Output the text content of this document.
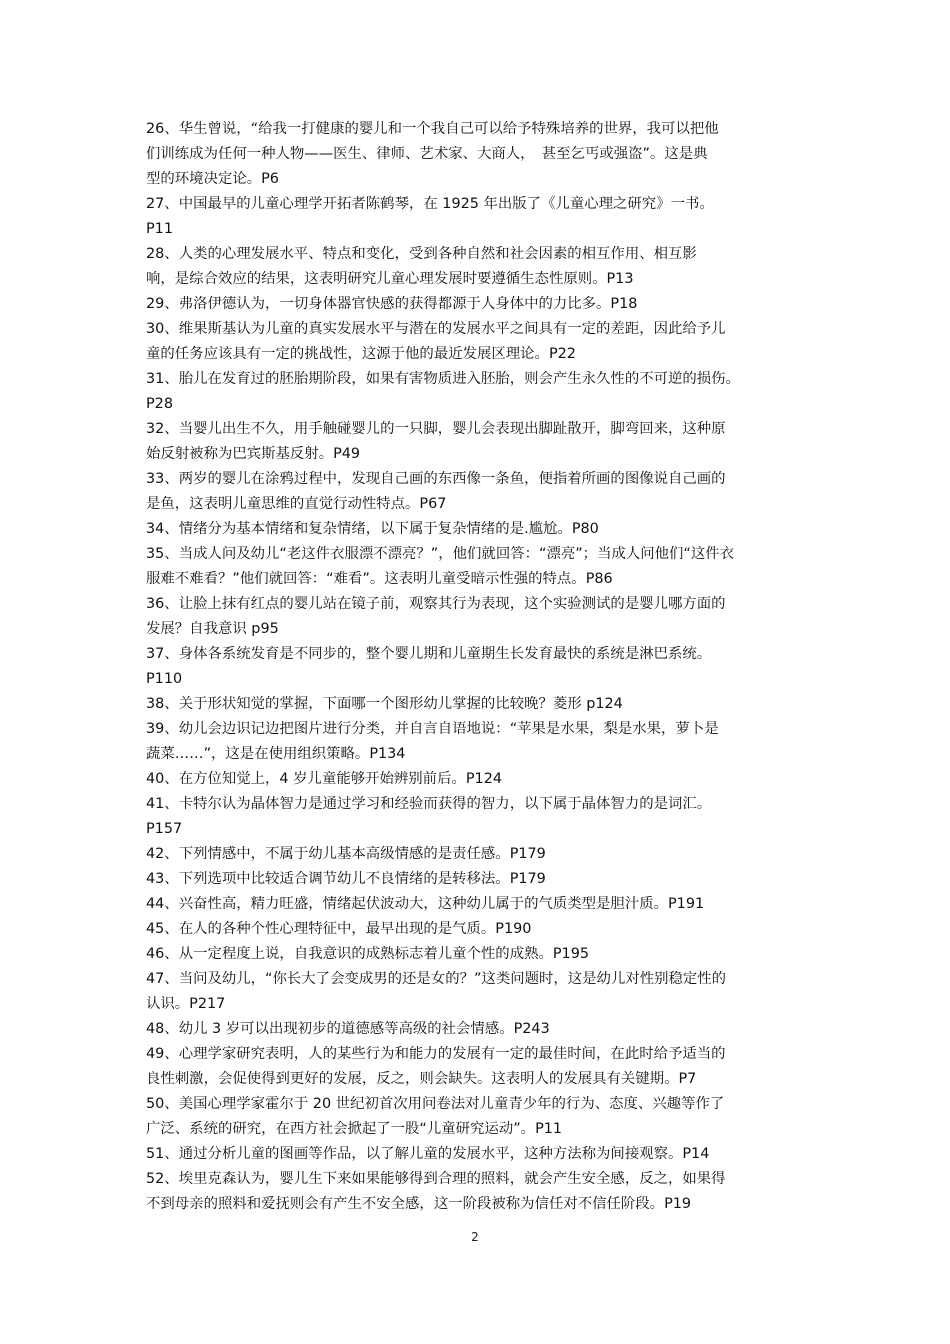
26、华生曾说，“给我一打健康的婴儿和一个我自己可以给予特殊培养的世界，我可以把他
们训练成为任何一种人物——医生、律师、艺术家、大商人，　甚至乞丐或强盗”。这是典
型的环境决定论。P6
27、中国最早的儿童心理学开拓者陈鹤琴，在 1925 年出版了《儿童心理之研究》一书。
P11
28、人类的心理发展水平、特点和变化，受到各种自然和社会因素的相互作用、相互影
响，是综合效应的结果，这表明研究儿童心理发展时要遵循生态性原则。P13
29、弗洛伊德认为，一切身体器官快感的获得都源于人身体中的力比多。P18
30、维果斯基认为儿童的真实发展水平与潜在的发展水平之间具有一定的差距，因此给予儿
童的任务应该具有一定的挑战性，这源于他的最近发展区理论。P22
31、胎儿在发育过的胚胎期阶段，如果有害物质进入胚胎，则会产生永久性的不可逆的损伤。
P28
32、当婴儿出生不久，用手触碰婴儿的一只脚，婴儿会表现出脚趾散开，脚弯回来，这种原
始反射被称为巴宾斯基反射。P49
33、两岁的婴儿在涂鸦过程中，发现自己画的东西像一条鱼，便指着所画的图像说自己画的
是鱼，这表明儿童思维的直觉行动性特点。P67
34、情绪分为基本情绪和复杂情绪，以下属于复杂情绪的是.尴尬。P80
35、当成人问及幼儿“老这件衣服漂不漂亮？”，他们就回答：“漂亮”；当成人问他们“这件衣
服难不难看？”他们就回答：“难看”。这表明儿童受暗示性强的特点。P86
36、让脸上抹有红点的婴儿站在镜子前，观察其行为表现，这个实验测试的是婴儿哪方面的
发展？自我意识 p95
37、身体各系统发育是不同步的，整个婴儿期和儿童期生长发育最快的系统是淋巴系统。
P110
38、关于形状知觉的掌握，下面哪一个图形幼儿掌握的比较晚？菱形 p124
39、幼儿会边识记边把图片进行分类，并自言自语地说：“苹果是水果，梨是水果，萝卜是
蔬菜……”，这是在使用组织策略。P134
40、在方位知觉上，4 岁儿童能够开始辨别前后。P124
41、卡特尔认为晶体智力是通过学习和经验而获得的智力，以下属于晶体智力的是词汇。
P157
42、下列情感中，不属于幼儿基本高级情感的是责任感。P179
43、下列选项中比较适合调节幼儿不良情绪的是转移法。P179
44、兴奋性高，精力旺盛，情绪起伏波动大，这种幼儿属于的气质类型是胆汁质。P191
45、在人的各种个性心理特征中，最早出现的是气质。P190
46、从一定程度上说，自我意识的成熟标志着儿童个性的成熟。P195
47、当问及幼儿，“你长大了会变成男的还是女的？”这类问题时，这是幼儿对性别稳定性的
认识。P217
48、幼儿 3 岁可以出现初步的道德感等高级的社会情感。P243
49、心理学家研究表明，人的某些行为和能力的发展有一定的最佳时间，在此时给予适当的
良性刺激，会促使得到更好的发展，反之，则会缺失。这表明人的发展具有关键期。P7
50、美国心理学家霍尔于 20 世纪初首次用问卷法对儿童青少年的行为、态度、兴趣等作了
广泛、系统的研究，在西方社会掀起了一股“儿童研究运动”。P11
51、通过分析儿童的图画等作品，以了解儿童的发展水平，这种方法称为间接观察。P14
52、埃里克森认为，婴儿生下来如果能够得到合理的照料，就会产生安全感，反之，如果得
不到母亲的照料和爱抚则会有产生不安全感，这一阶段被称为信任对不信任阶段。P19
2
